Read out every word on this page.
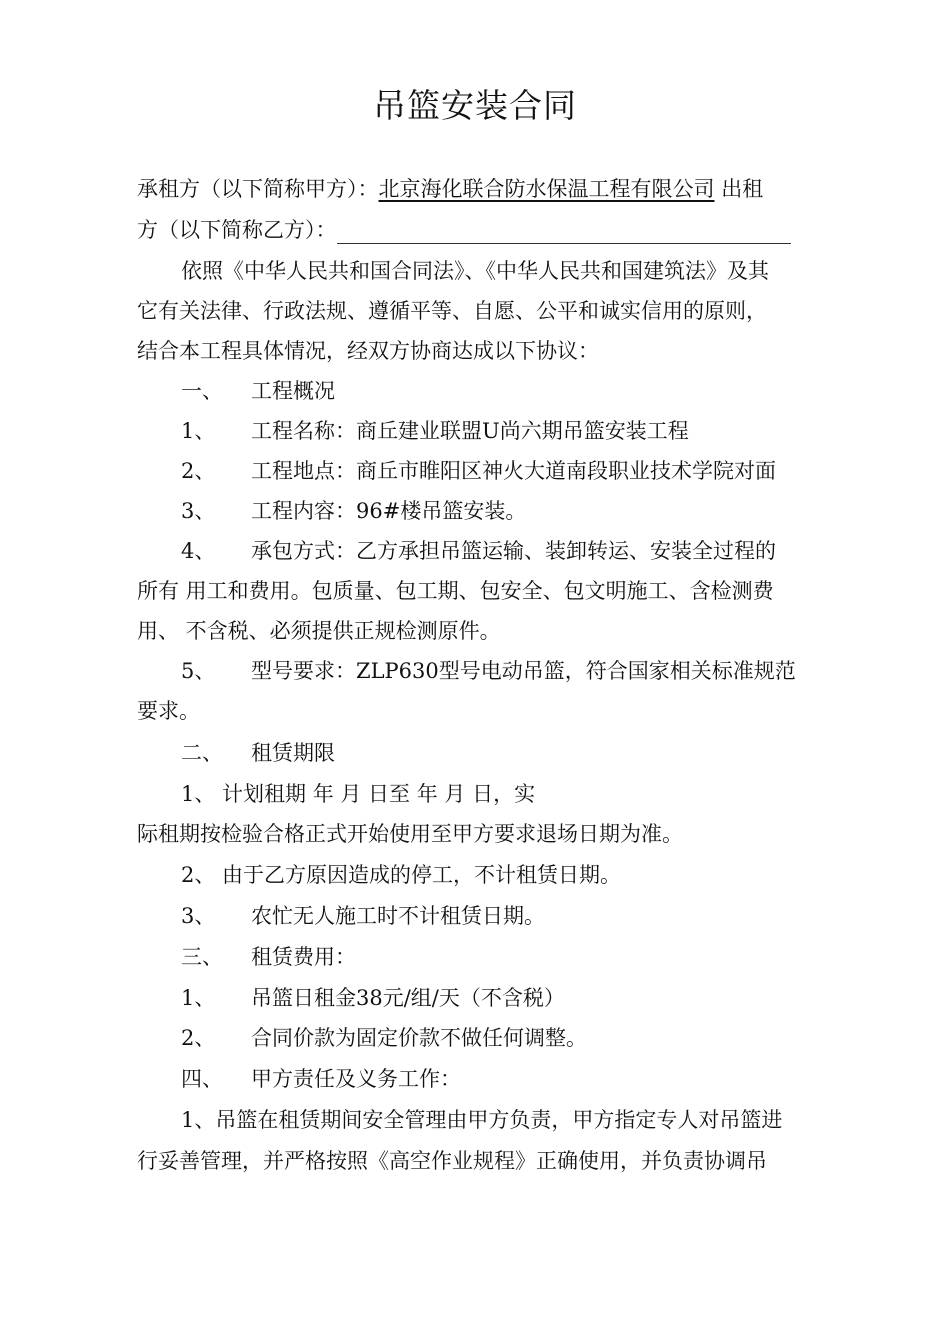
吊篮安装合同
承租方（以下简称甲方）：北京海化联合防水保温工程有限公司 出租
方（以下简称乙方）：
依照《中华人民共和国合同法》、《中华人民共和国建筑法》及其
它有关法律、行政法规、遵循平等、自愿、公平和诚实信用的原则，
结合本工程具体情况，经双方协商达成以下协议：
一、 工程概况
1、 工程名称：商丘建业联盟U尚六期吊篮安装工程
2、 工程地点：商丘市睢阳区神火大道南段职业技术学院对面
3、 工程内容：96#楼吊篮安装。
4、 承包方式：乙方承担吊篮运输、装卸转运、安装全过程的
所有 用工和费用。包质量、包工期、包安全、包文明施工、含检测费
用、 不含税、必须提供正规检测原件。
5、 型号要求：ZLP630型号电动吊篮，符合国家相关标准规范
要求。
二、 租赁期限
1、 计划租期 年 月 日至 年 月 日，实
际租期按检验合格正式开始使用至甲方要求退场日期为准。
2、 由于乙方原因造成的停工，不计租赁日期。
3、 农忙无人施工时不计租赁日期。
三、 租赁费用：
1、 吊篮日租金38元/组/天（不含税）
2、 合同价款为固定价款不做任何调整。
四、 甲方责任及义务工作：
1、吊篮在租赁期间安全管理由甲方负责，甲方指定专人对吊篮进
行妥善管理，并严格按照《高空作业规程》正确使用，并负责协调吊
